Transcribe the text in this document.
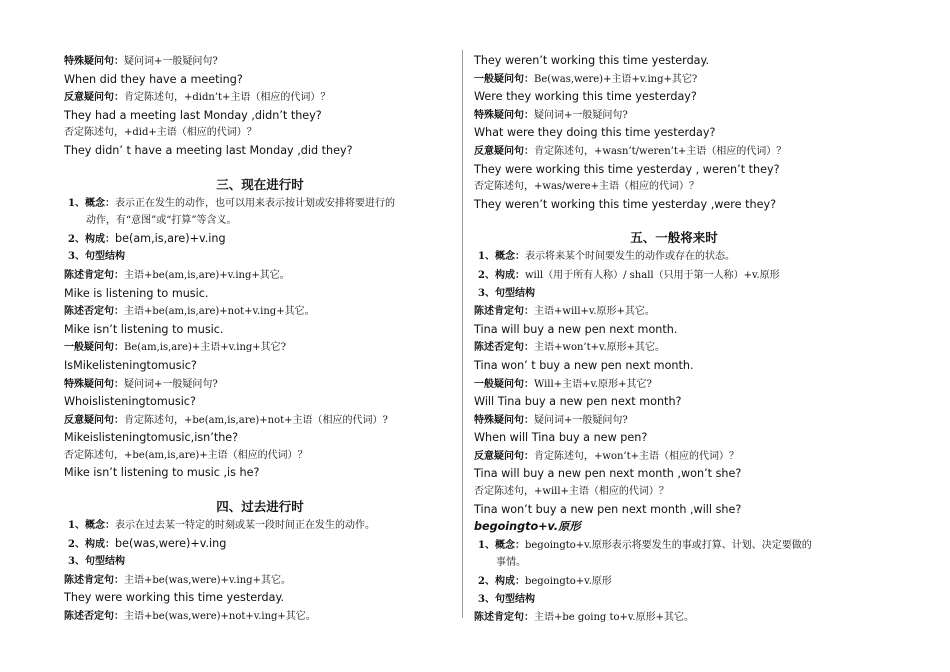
特殊疑问句：疑问词+一般疑问句?
When did they have a meeting?
反意疑问句：肯定陈述句，+didn’t+主语（相应的代词）？
They had a meeting last Monday ,didn’t they?
否定陈述句，+did+主语（相应的代词）？
They didn’ t have a meeting last Monday ,did they?
三、现在进行时
1、概念：表示正在发生的动作，也可以用来表示按计划或安排将要进行的
动作，有“意图”或“打算”等含义。
2、构成：be(am,is,are)+v.ing
3、句型结构
陈述肯定句：主语+be(am,is,are)+v.ing+其它。
Mike is listening to music.
陈述否定句：主语+be(am,is,are)+not+v.ing+其它。
Mike isn’t listening to music.
一般疑问句：Be(am,is,are)+主语+v.ing+其它?
IsMikelisteningtomusic?
特殊疑问句：疑问词+一般疑问句?
Whoislisteningtomusic?
反意疑问句：肯定陈述句，+be(am,is,are)+not+主语（相应的代词）?
Mikeislisteningtomusic,isn’the?
否定陈述句，+be(am,is,are)+主语（相应的代词）？
Mike isn’t listening to music ,is he?
四、过去进行时
1、概念：表示在过去某一特定的时刻或某一段时间正在发生的动作。
2、构成：be(was,were)+v.ing
3、句型结构
陈述肯定句：主语+be(was,were)+v.ing+其它。
They were working this time yesterday.
陈述否定句：主语+be(was,were)+not+v.ing+其它。
They weren’t working this time yesterday.
一般疑问句：Be(was,were)+主语+v.ing+其它?
Were they working this time yesterday?
特殊疑问句：疑问词+一般疑问句?
What were they doing this time yesterday?
反意疑问句：肯定陈述句，+wasn’t/weren’t+主语（相应的代词）？
They were working this time yesterday , weren’t they?
否定陈述句，+was/were+主语（相应的代词）？
They weren’t working this time yesterday ,were they?
五、一般将来时
1、概念：表示将来某个时间要发生的动作或存在的状态。
2、构成：will（用于所有人称）/ shall（只用于第一人称）+v.原形
3、句型结构
陈述肯定句：主语+will+v.原形+其它。
Tina will buy a new pen next month.
陈述否定句：主语+won’t+v.原形+其它。
Tina won’ t buy a new pen next month.
一般疑问句：Will+主语+v.原形+其它?
Will Tina buy a new pen next month?
特殊疑问句：疑问词+一般疑问句?
When will Tina buy a new pen?
反意疑问句：肯定陈述句，+won’t+主语（相应的代词）？
Tina will buy a new pen next month ,won’t she?
否定陈述句，+will+主语（相应的代词）？
Tina won’t buy a new pen next month ,will she?
begoingto+v.原形
1、概念：begoingto+v.原形表示将要发生的事或打算、计划、决定要做的
事情。
2、构成：begoingto+v.原形
3、句型结构
陈述肯定句：主语+be going to+v.原形+其它。
